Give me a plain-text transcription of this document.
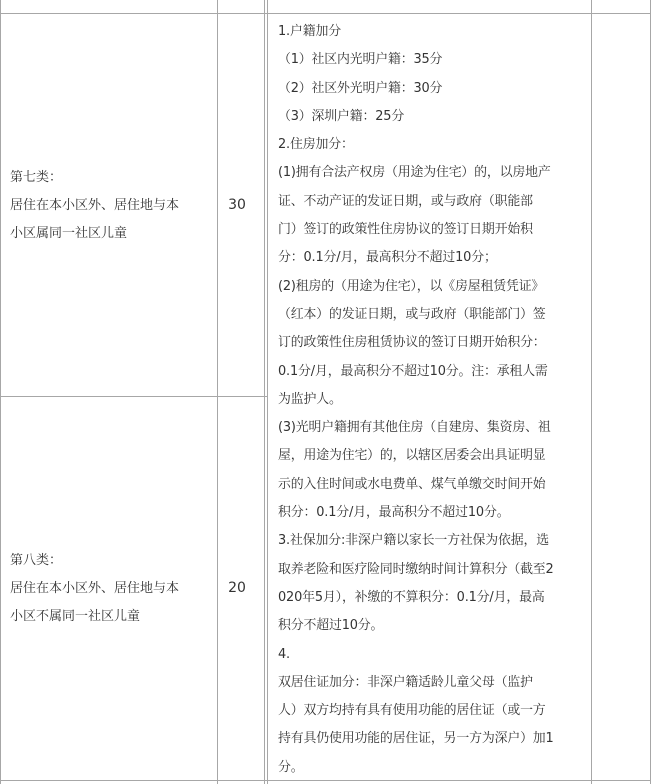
第七类：
居住在本小区外、居住地与本
小区属同一社区儿童
30
第八类：
居住在本小区外、居住地与本
小区不属同一社区儿童
20
1.户籍加分
（1）社区内光明户籍：35分
（2）社区外光明户籍：30分
（3）深圳户籍：25分
2.住房加分：
(1)拥有合法产权房（用途为住宅）的，以房地产
证、不动产证的发证日期，或与政府（职能部
门）签订的政策性住房协议的签订日期开始积
分：0.1分/月，最高积分不超过10分；
(2)租房的（用途为住宅），以《房屋租赁凭证》
（红本）的发证日期，或与政府（职能部门）签
订的政策性住房租赁协议的签订日期开始积分：
0.1分/月，最高积分不超过10分。注：承租人需
为监护人。
(3)光明户籍拥有其他住房（自建房、集资房、祖
屋，用途为住宅）的，以辖区居委会出具证明显
示的入住时间或水电费单、煤气单缴交时间开始
积分：0.1分/月，最高积分不超过10分。
3.社保加分:非深户籍以家长一方社保为依据，选
取养老险和医疗险同时缴纳时间计算积分（截至2
020年5月），补缴的不算积分：0.1分/月，最高
积分不超过10分。
4.
双居住证加分：非深户籍适龄儿童父母（监护
人）双方均持有具有使用功能的居住证（或一方
持有具仍使用功能的居住证，另一方为深户）加1
分。
